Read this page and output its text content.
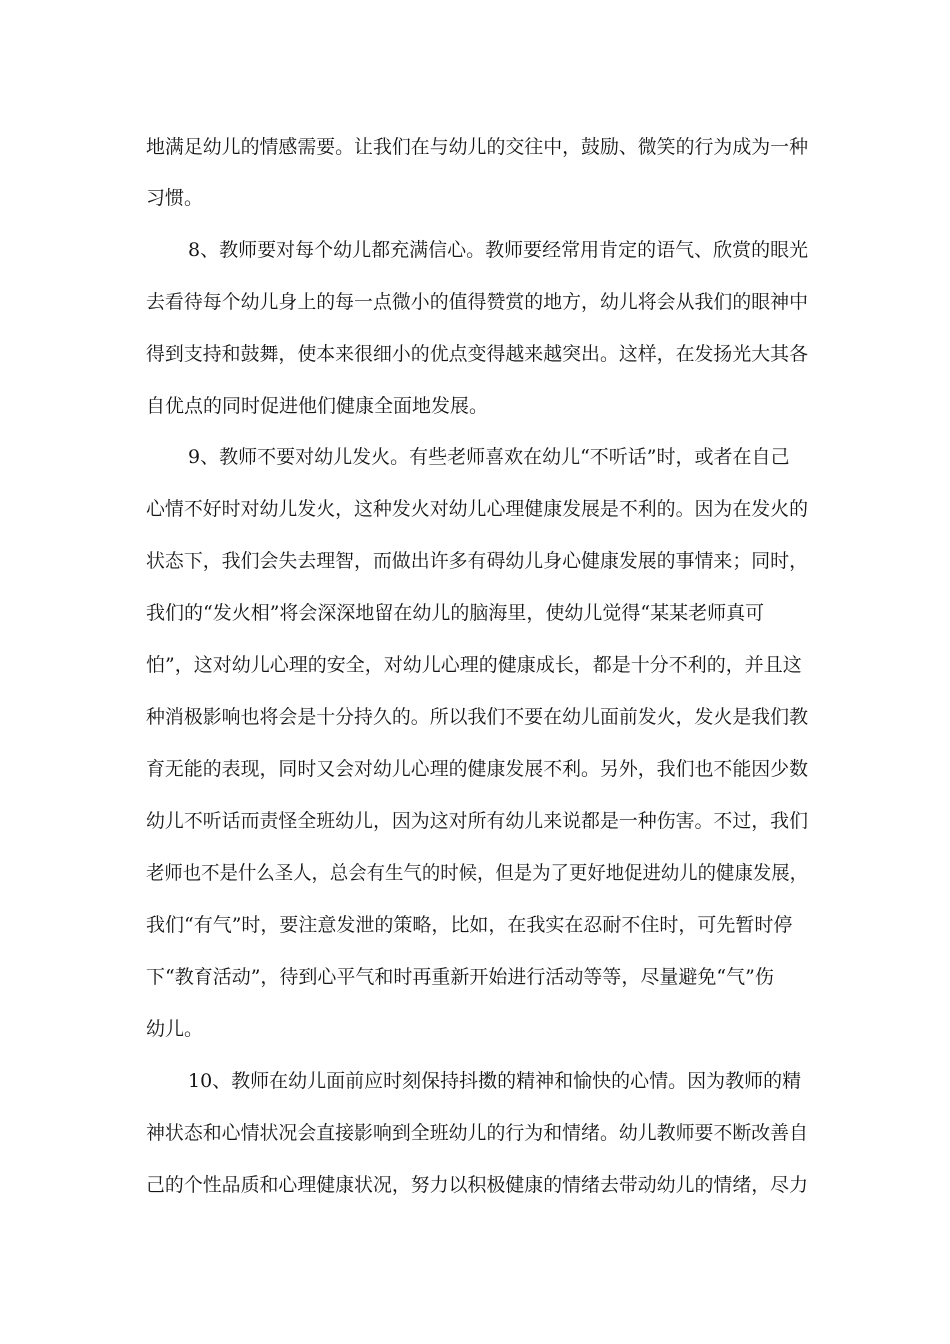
地满足幼儿的情感需要。让我们在与幼儿的交往中，鼓励、微笑的行为成为一种
习惯。
8、教师要对每个幼儿都充满信心。教师要经常用肯定的语气、欣赏的眼光
去看待每个幼儿身上的每一点微小的值得赞赏的地方，幼儿将会从我们的眼神中
得到支持和鼓舞，使本来很细小的优点变得越来越突出。这样，在发扬光大其各
自优点的同时促进他们健康全面地发展。
9、教师不要对幼儿发火。有些老师喜欢在幼儿“不听话”时，或者在自己
心情不好时对幼儿发火，这种发火对幼儿心理健康发展是不利的。因为在发火的
状态下，我们会失去理智，而做出许多有碍幼儿身心健康发展的事情来；同时，
我们的“发火相”将会深深地留在幼儿的脑海里，使幼儿觉得“某某老师真可
怕”，这对幼儿心理的安全，对幼儿心理的健康成长，都是十分不利的，并且这
种消极影响也将会是十分持久的。所以我们不要在幼儿面前发火，发火是我们教
育无能的表现，同时又会对幼儿心理的健康发展不利。另外，我们也不能因少数
幼儿不听话而责怪全班幼儿，因为这对所有幼儿来说都是一种伤害。不过，我们
老师也不是什么圣人，总会有生气的时候，但是为了更好地促进幼儿的健康发展，
我们“有气”时，要注意发泄的策略，比如，在我实在忍耐不住时，可先暂时停
下“教育活动”，待到心平气和时再重新开始进行活动等等，尽量避免“气”伤
幼儿。
10、教师在幼儿面前应时刻保持抖擞的精神和愉快的心情。因为教师的精
神状态和心情状况会直接影响到全班幼儿的行为和情绪。幼儿教师要不断改善自
己的个性品质和心理健康状况，努力以积极健康的情绪去带动幼儿的情绪，尽力
